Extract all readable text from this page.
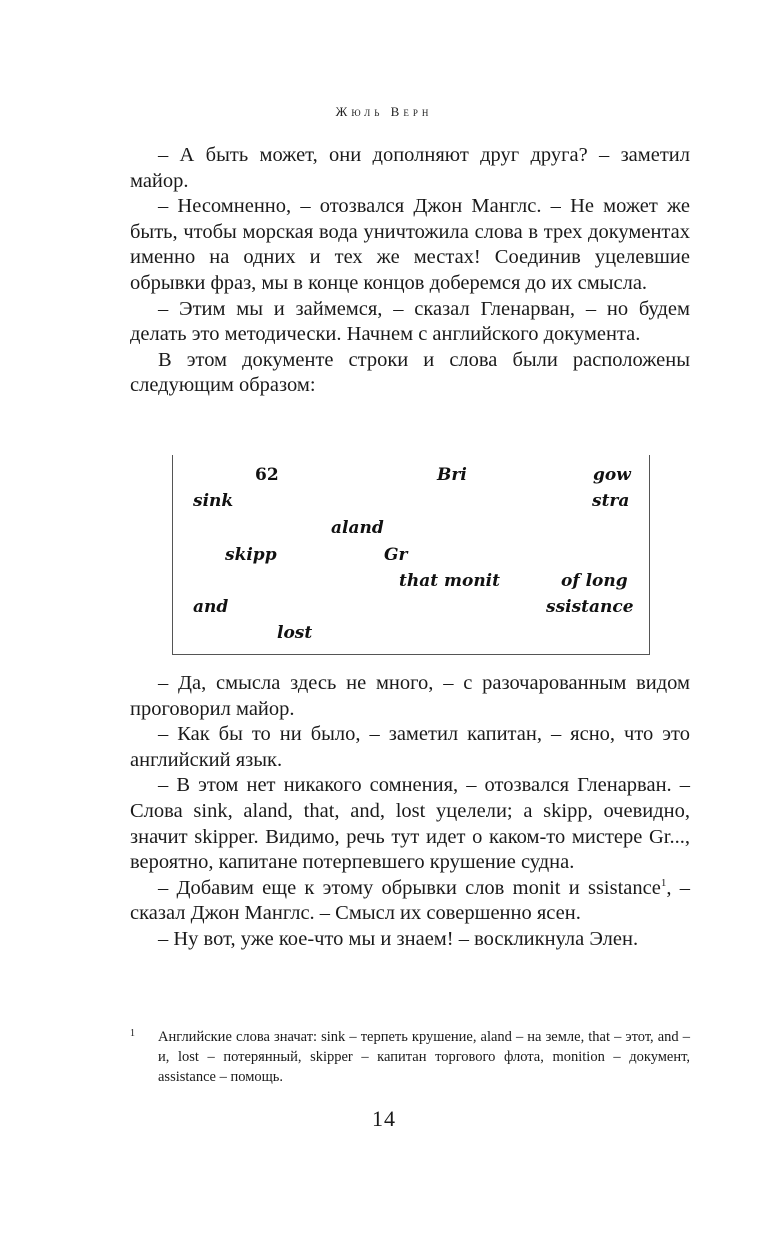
Жюль Верн

– А быть может, они дополняют друг друга? – заметил майор.

– Несомненно, – отозвался Джон Манглс. – Не может же быть, чтобы морская вода уничтожила слова в трех документах именно на одних и тех же местах! Соединив уцелевшие обрывки фраз, мы в конце концов доберемся до их смысла.

– Этим мы и займемся, – сказал Гленарван, – но будем делать это методически. Начнем с английского документа.

В этом документе строки и слова были расположены следующим образом:

62	Bri	gow
sink	stra
aland
skipp	Gr
that monit	of long
and	ssistance
lost

– Да, смысла здесь не много, – с разочарованным видом проговорил майор.

– Как бы то ни было, – заметил капитан, – ясно, что это английский язык.

– В этом нет никакого сомнения, – отозвался Гленарван. – Слова sink, aland, that, and, lost уцелели; а skipp, очевидно, значит skipper. Видимо, речь тут идет о каком-то мистере Gr..., вероятно, капитане потерпевшего крушение судна.

– Добавим еще к этому обрывки слов monit и ssistance$^1$, – сказал Джон Манглс. – Смысл их совершенно ясен.

– Ну вот, уже кое-что мы и знаем! – воскликнула Элен.

1	Английские слова значат: sink – терпеть крушение, aland – на земле, that – этот, and – и, lost – потерянный, skipper – капитан торгового флота, monition – документ, assistance – помощь.
14
